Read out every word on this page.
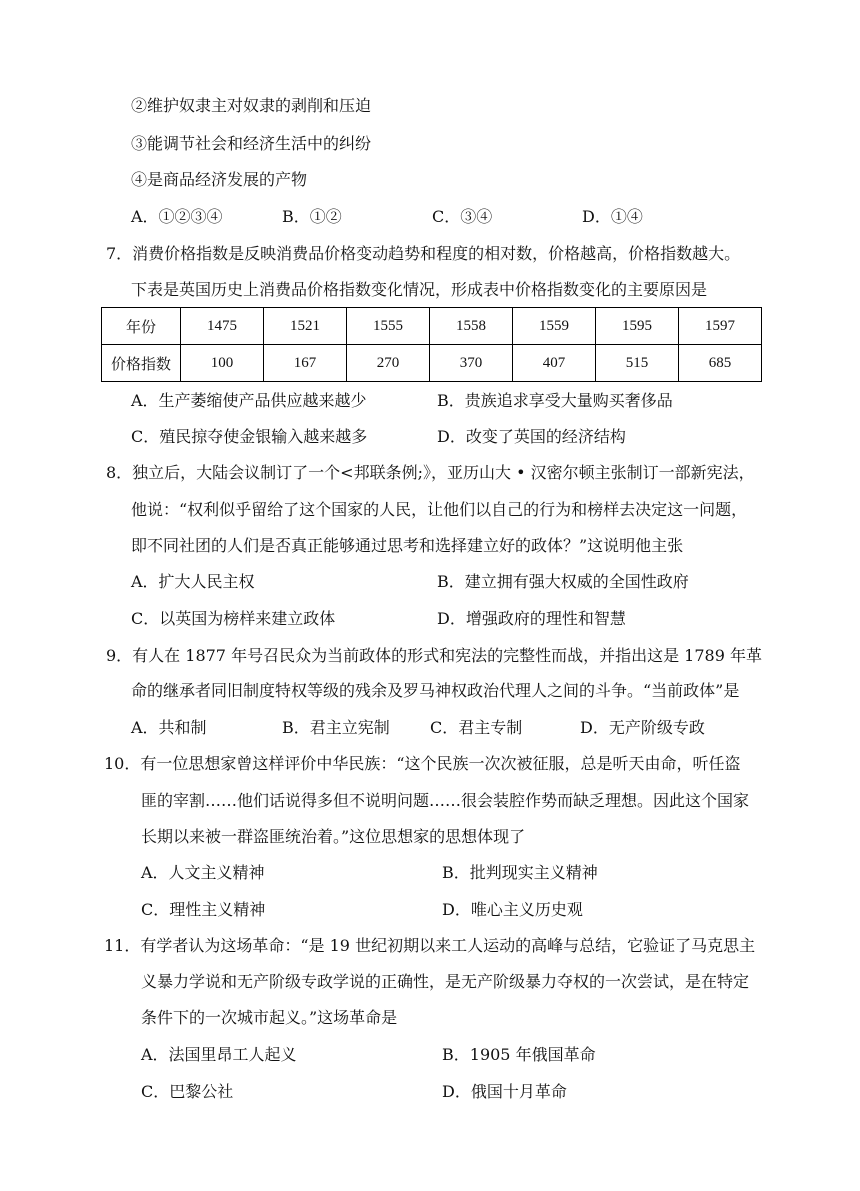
②维护奴隶主对奴隶的剥削和压迫
③能调节社会和经济生活中的纠纷
④是商品经济发展的产物
A．①②③④	B．①②	C．③④	D．①④
7．消费价格指数是反映消费品价格变动趋势和程度的相对数，价格越高，价格指数越大。
下表是英国历史上消费品价格指数变化情况，形成表中价格指数变化的主要原因是
年份	1475	1521	1555	1558	1559	1595	1597
价格指数	100	167	270	370	407	515	685
A．生产萎缩使产品供应越来越少	B．贵族追求享受大量购买奢侈品
C．殖民掠夺使金银输入越来越多	D．改变了英国的经济结构
8．独立后，大陆会议制订了一个<邦联条例;》，亚历山大 • 汉密尔顿主张制订一部新宪法，
他说：“权利似乎留给了这个国家的人民，让他们以自己的行为和榜样去决定这一问题，
即不同社团的人们是否真正能够通过思考和选择建立好的政体？”这说明他主张
A．扩大人民主权	B．建立拥有强大权威的全国性政府
C．以英国为榜样来建立政体	D．增强政府的理性和智慧
9．有人在 1877 年号召民众为当前政体的形式和宪法的完整性而战，并指出这是 1789 年革
命的继承者同旧制度特权等级的残余及罗马神权政治代理人之间的斗争。“当前政体”是
A．共和制	B．君主立宪制	C．君主专制	D．无产阶级专政
10．有一位思想家曾这样评价中华民族：“这个民族一次次被征服，总是听天由命，听任盗
匪的宰割……他们话说得多但不说明问题……很会装腔作势而缺乏理想。因此这个国家
长期以来被一群盗匪统治着。”这位思想家的思想体现了
A．人文主义精神	B．批判现实主义精神
C．理性主义精神	D．唯心主义历史观
11．有学者认为这场革命：“是 19 世纪初期以来工人运动的高峰与总结，它验证了马克思主
义暴力学说和无产阶级专政学说的正确性，是无产阶级暴力夺权的一次尝试，是在特定
条件下的一次城市起义。”这场革命是
A．法国里昂工人起义	B．1905 年俄国革命
C．巴黎公社	D．俄国十月革命
